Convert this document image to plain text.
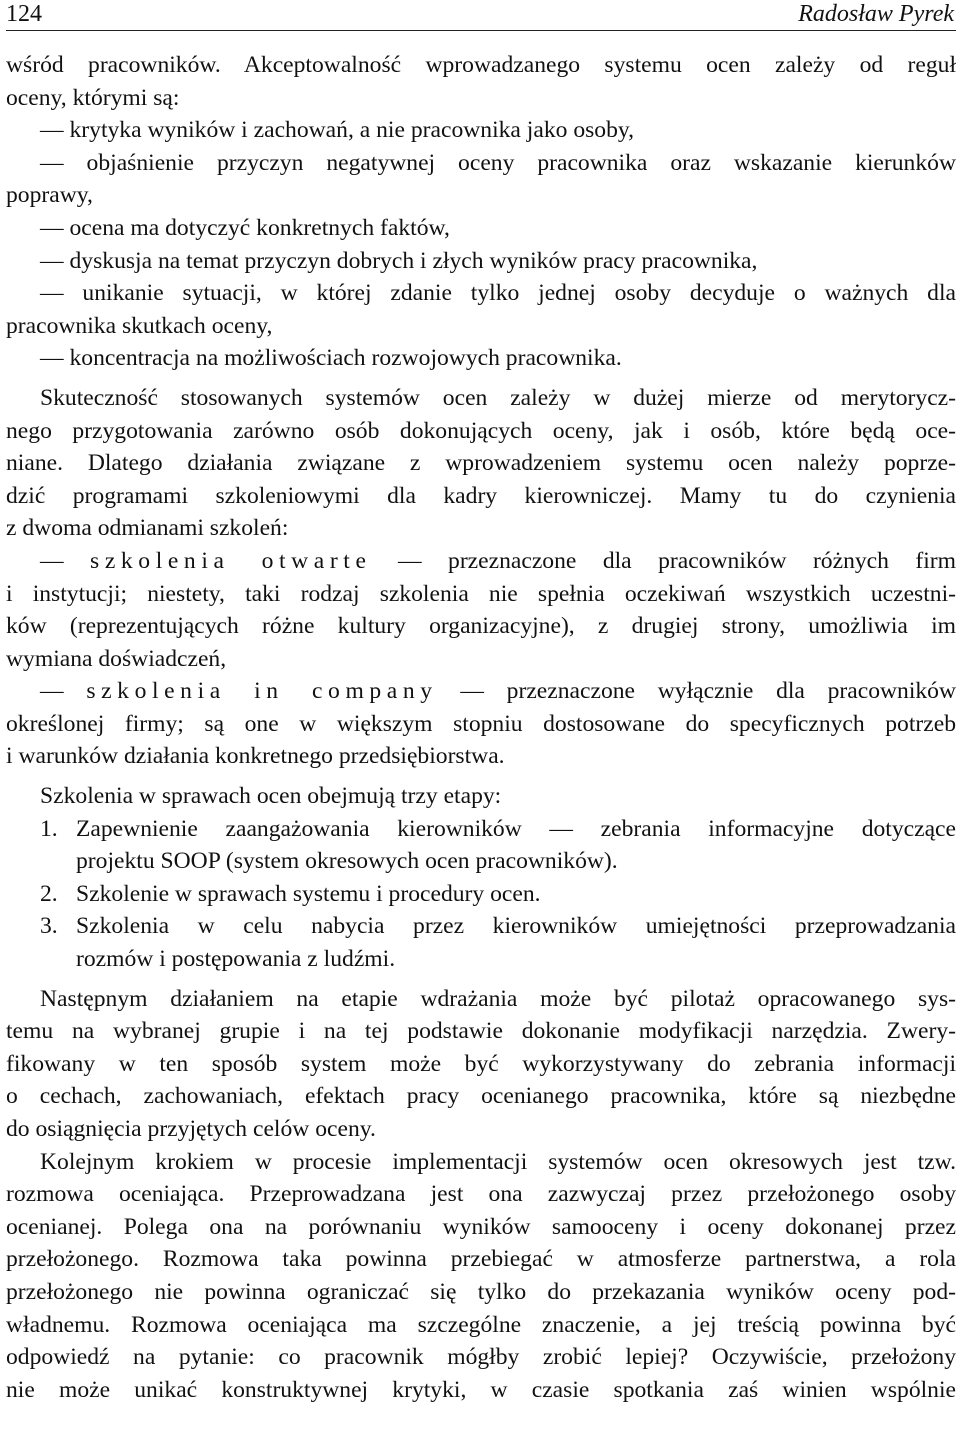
124	Radosław Pyrek
wśród pracowników. Akceptowalność wprowadzanego systemu ocen zależy od reguł
oceny, którymi są:
— krytyka wyników i zachowań, a nie pracownika jako osoby,
— objaśnienie przyczyn negatywnej oceny pracownika oraz wskazanie kierunków
poprawy,
— ocena ma dotyczyć konkretnych faktów,
— dyskusja na temat przyczyn dobrych i złych wyników pracy pracownika,
— unikanie sytuacji, w której zdanie tylko jednej osoby decyduje o ważnych dla
pracownika skutkach oceny,
— koncentracja na możliwościach rozwojowych pracownika.
Skuteczność stosowanych systemów ocen zależy w dużej mierze od merytorycz-
nego przygotowania zarówno osób dokonujących oceny, jak i osób, które będą oce-
niane. Dlatego działania związane z wprowadzeniem systemu ocen należy poprze-
dzić programami szkoleniowymi dla kadry kierowniczej. Mamy tu do czynienia
z dwoma odmianami szkoleń:
— szkolenia otwarte — przeznaczone dla pracowników różnych firm
i instytucji; niestety, taki rodzaj szkolenia nie spełnia oczekiwań wszystkich uczestni-
ków (reprezentujących różne kultury organizacyjne), z drugiej strony, umożliwia im
wymiana doświadczeń,
— szkolenia in company — przeznaczone wyłącznie dla pracowników
określonej firmy; są one w większym stopniu dostosowane do specyficznych potrzeb
i warunków działania konkretnego przedsiębiorstwa.
Szkolenia w sprawach ocen obejmują trzy etapy:
1. Zapewnienie zaangażowania kierowników — zebrania informacyjne dotyczące
projektu SOOP (system okresowych ocen pracowników).
2. Szkolenie w sprawach systemu i procedury ocen.
3. Szkolenia w celu nabycia przez kierowników umiejętności przeprowadzania
rozmów i postępowania z ludźmi.
Następnym działaniem na etapie wdrażania może być pilotaż opracowanego sys-
temu na wybranej grupie i na tej podstawie dokonanie modyfikacji narzędzia. Zwery-
fikowany w ten sposób system może być wykorzystywany do zebrania informacji
o cechach, zachowaniach, efektach pracy ocenianego pracownika, które są niezbędne
do osiągnięcia przyjętych celów oceny.
Kolejnym krokiem w procesie implementacji systemów ocen okresowych jest tzw.
rozmowa oceniająca. Przeprowadzana jest ona zazwyczaj przez przełożonego osoby
ocenianej. Polega ona na porównaniu wyników samooceny i oceny dokonanej przez
przełożonego. Rozmowa taka powinna przebiegać w atmosferze partnerstwa, a rola
przełożonego nie powinna ograniczać się tylko do przekazania wyników oceny pod-
władnemu. Rozmowa oceniająca ma szczególne znaczenie, a jej treścią powinna być
odpowiedź na pytanie: co pracownik mógłby zrobić lepiej? Oczywiście, przełożony
nie może unikać konstruktywnej krytyki, w czasie spotkania zaś winien wspólnie
